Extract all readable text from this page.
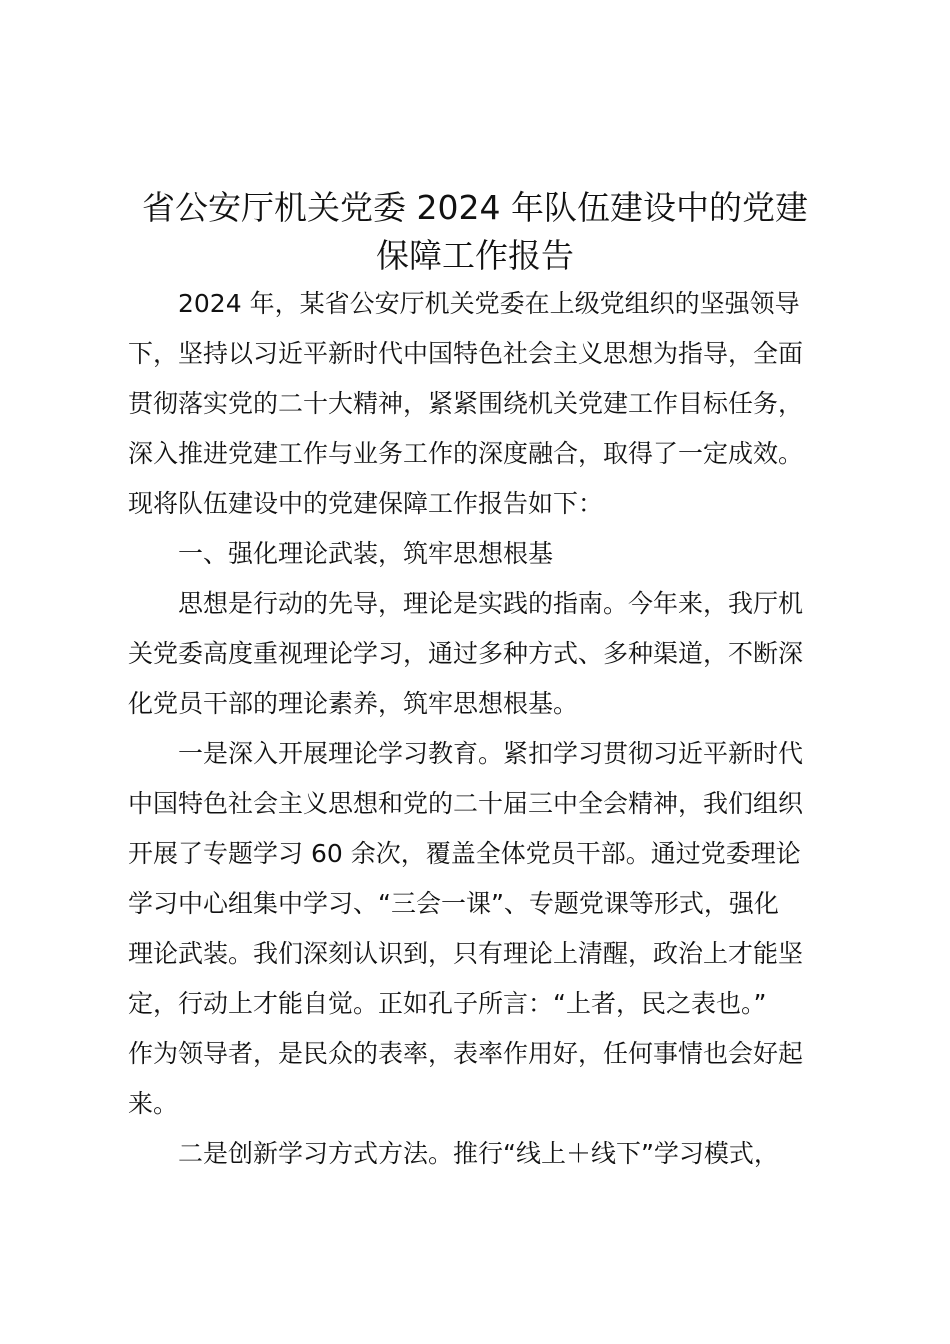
省公安厅机关党委 2024 年队伍建设中的党建
保障工作报告
2024 年，某省公安厅机关党委在上级党组织的坚强领导
下，坚持以习近平新时代中国特色社会主义思想为指导，全面
贯彻落实党的二十大精神，紧紧围绕机关党建工作目标任务，
深入推进党建工作与业务工作的深度融合，取得了一定成效。
现将队伍建设中的党建保障工作报告如下：
一、强化理论武装，筑牢思想根基
思想是行动的先导，理论是实践的指南。今年来，我厅机
关党委高度重视理论学习，通过多种方式、多种渠道，不断深
化党员干部的理论素养，筑牢思想根基。
一是深入开展理论学习教育。紧扣学习贯彻习近平新时代
中国特色社会主义思想和党的二十届三中全会精神，我们组织
开展了专题学习 60 余次，覆盖全体党员干部。通过党委理论
学习中心组集中学习、“三会一课”、专题党课等形式，强化
理论武装。我们深刻认识到，只有理论上清醒，政治上才能坚
定，行动上才能自觉。正如孔子所言：“上者，民之表也。”
作为领导者，是民众的表率，表率作用好，任何事情也会好起
来。
二是创新学习方式方法。推行“线上＋线下”学习模式，
